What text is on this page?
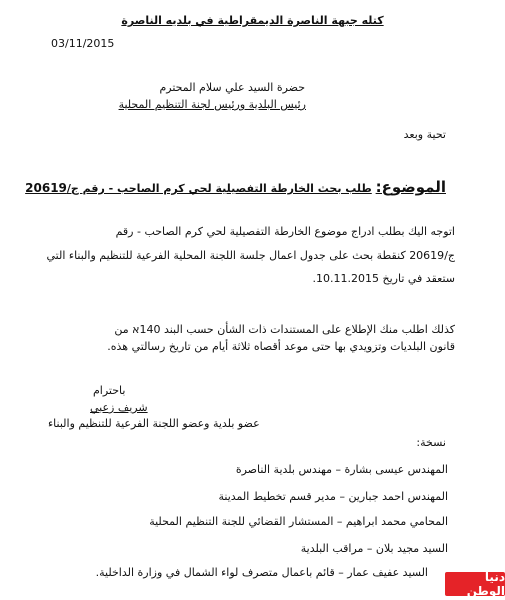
كتله جبهة الناصرة الديمقراطية في بلديه الناصرة
03/11/2015
حضرة السيد علي سلام المحترم
رئيس البلدية ورئيس لجنة التنظيم المحلية
تحية وبعد
الموضوع: طلب بحث الخارطة التفصيلية لحي كرم الصاحب - رقم ج/20619
اتوجه اليك بطلب ادراج موضوع الخارطة التفصيلية لحي كرم الصاحب - رقم
ج/20619 كنقطة بحث على جدول اعمال جلسة اللجنة المحلية الفرعية للتنظيم والبناء التي
ستعقد في تاريخ 10.11.2015.
كذلك اطلب منك الإطلاع على المستندات ذات الشأن حسب البند 140א من
قانون البلديات وتزويدي بها حتى موعد أقصاه ثلاثة أيام من تاريخ رسالتي هذه.
باحترام
شريف زعبي
عضو بلدية وعضو اللجنة الفرعية للتنظيم والبناء
نسخة:
المهندس عيسى بشارة – مهندس بلدية الناصرة
المهندس احمد جبارين – مدير قسم تخطيط المدينة
المحامي محمد ابراهيم – المستشار القضائي للجنة التنظيم المحلية
السيد مجيد بلان – مراقب البلدية
السيد عفيف عمار – قائم باعمال متصرف لواء الشمال في وزارة الداخلية.	دنيا الوطن
